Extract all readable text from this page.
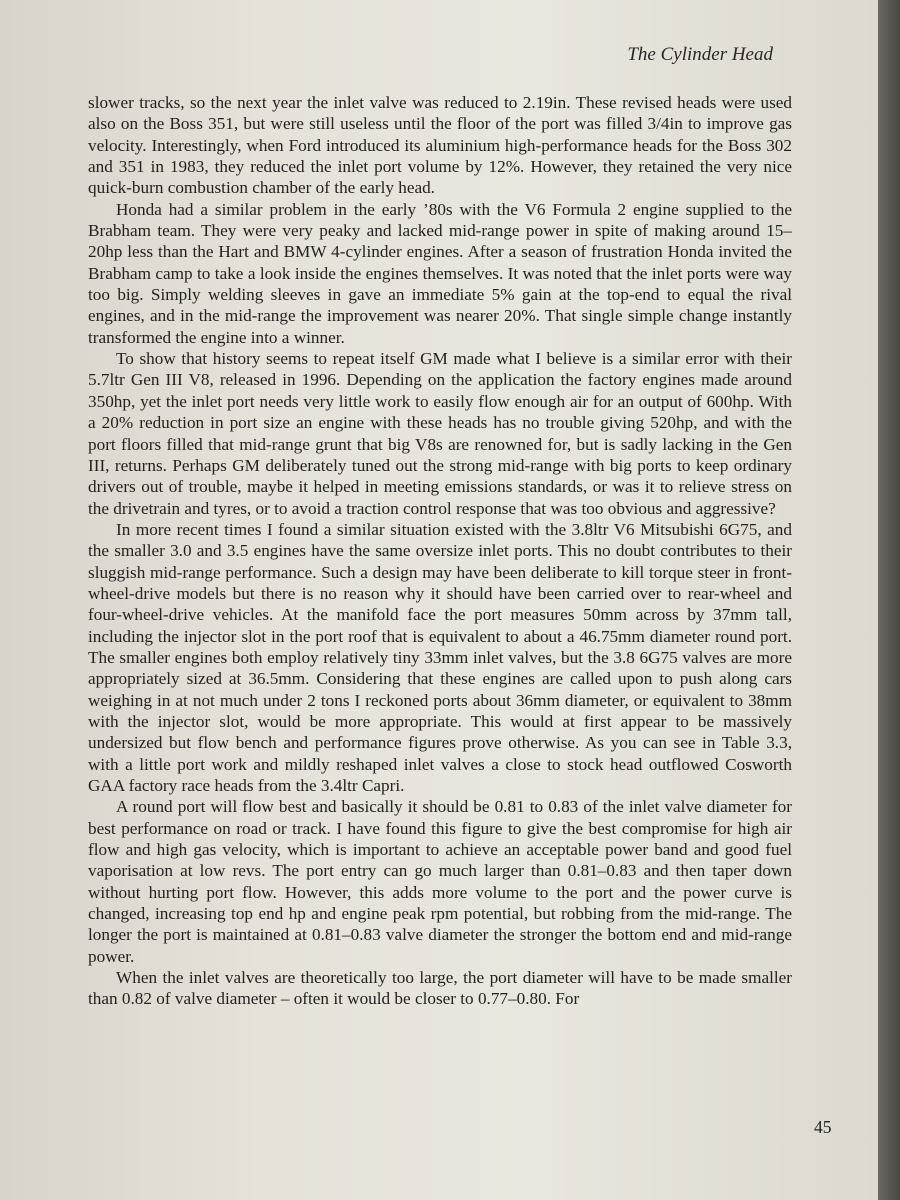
The Cylinder Head

slower tracks, so the next year the inlet valve was reduced to 2.19in. These revised heads were used also on the Boss 351, but were still useless until the floor of the port was filled 3/4in to improve gas velocity. Interestingly, when Ford introduced its aluminium high-performance heads for the Boss 302 and 351 in 1983, they reduced the inlet port volume by 12%. However, they retained the very nice quick-burn combustion chamber of the early head.

Honda had a similar problem in the early ’80s with the V6 Formula 2 engine supplied to the Brabham team. They were very peaky and lacked mid-range power in spite of making around 15–20hp less than the Hart and BMW 4-cylinder engines. After a season of frustration Honda invited the Brabham camp to take a look inside the engines themselves. It was noted that the inlet ports were way too big. Simply welding sleeves in gave an immediate 5% gain at the top-end to equal the rival engines, and in the mid-range the improvement was nearer 20%. That single simple change instantly transformed the engine into a winner.

To show that history seems to repeat itself GM made what I believe is a similar error with their 5.7ltr Gen III V8, released in 1996. Depending on the application the factory engines made around 350hp, yet the inlet port needs very little work to easily flow enough air for an output of 600hp. With a 20% reduction in port size an engine with these heads has no trouble giving 520hp, and with the port floors filled that mid-range grunt that big V8s are renowned for, but is sadly lacking in the Gen III, returns. Perhaps GM deliberately tuned out the strong mid-range with big ports to keep ordinary drivers out of trouble, maybe it helped in meeting emissions standards, or was it to relieve stress on the drivetrain and tyres, or to avoid a traction control response that was too obvious and aggressive?

In more recent times I found a similar situation existed with the 3.8ltr V6 Mitsubishi 6G75, and the smaller 3.0 and 3.5 engines have the same oversize inlet ports. This no doubt contributes to their sluggish mid-range performance. Such a design may have been deliberate to kill torque steer in front-wheel-drive models but there is no reason why it should have been carried over to rear-wheel and four-wheel-drive vehicles. At the manifold face the port measures 50mm across by 37mm tall, including the injector slot in the port roof that is equivalent to about a 46.75mm diameter round port. The smaller engines both employ relatively tiny 33mm inlet valves, but the 3.8 6G75 valves are more appropriately sized at 36.5mm. Considering that these engines are called upon to push along cars weighing in at not much under 2 tons I reckoned ports about 36mm diameter, or equivalent to 38mm with the injector slot, would be more appropriate. This would at first appear to be massively undersized but flow bench and performance figures prove otherwise. As you can see in Table 3.3, with a little port work and mildly reshaped inlet valves a close to stock head outflowed Cosworth GAA factory race heads from the 3.4ltr Capri.

A round port will flow best and basically it should be 0.81 to 0.83 of the inlet valve diameter for best performance on road or track. I have found this figure to give the best compromise for high air flow and high gas velocity, which is important to achieve an acceptable power band and good fuel vaporisation at low revs. The port entry can go much larger than 0.81–0.83 and then taper down without hurting port flow. However, this adds more volume to the port and the power curve is changed, increasing top end hp and engine peak rpm potential, but robbing from the mid-range. The longer the port is maintained at 0.81–0.83 valve diameter the stronger the bottom end and mid-range power.

When the inlet valves are theoretically too large, the port diameter will have to be made smaller than 0.82 of valve diameter – often it would be closer to 0.77–0.80. For

45
